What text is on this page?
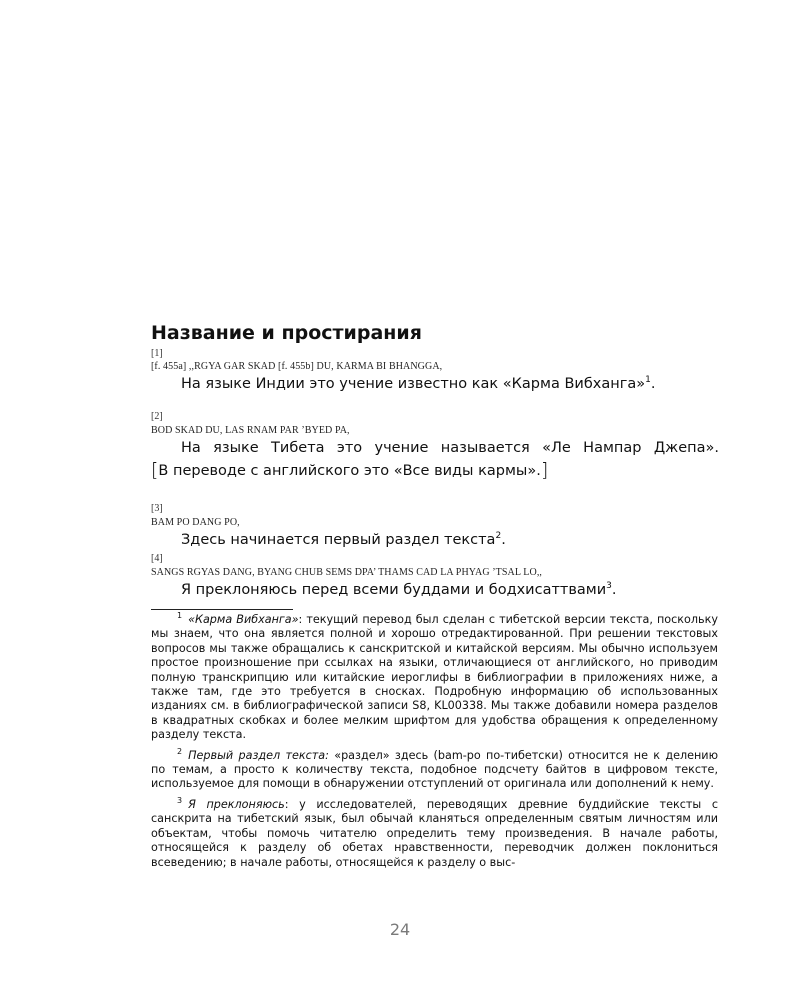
Название и простирания
[1]
[f. 455a] ,,RGYA GAR SKAD [f. 455b] DU, KARMA BI BHANGGA,
На языке Индии это учение известно как «Карма Вибханга»$^1$.
[2]
BOD SKAD DU, LAS RNAM PAR ’BYED PA,
На языке Тибета это учение называется «Ле Нампар Джепа».
[В переводе с английского это «Все виды кармы».]
[3]
BAM PO DANG PO,
Здесь начинается первый раздел текста$^2$.
[4]
SANGS RGYAS DANG, BYANG CHUB SEMS DPA’ THAMS CAD LA PHYAG ’TSAL LO,,
Я преклоняюсь перед всеми буддами и бодхисаттвами$^3$.

$^1$ «Карма Вибханга»: текущий перевод был сделан с тибетской версии текста, поскольку мы знаем, что она является полной и хорошо отредактированной. При решении текстовых вопросов мы также обращались к санскритской и китайской версиям. Мы обычно используем простое произношение при ссылках на языки, отличающиеся от английского, но приводим полную транскрипцию или китайские иероглифы в библиографии в приложениях ниже, а также там, где это требуется в сносках. Подробную информацию об использованных изданиях см. в библиографической записи S8, KL00338. Мы также добавили номера разделов в квадратных скобках и более мелким шрифтом для удобства обращения к определенному разделу текста.

$^2$ Первый раздел текста: «раздел» здесь (bam-po по-тибетски) относится не к делению по темам, а просто к количеству текста, подобное подсчету байтов в цифровом тексте, используемое для помощи в обнаружении отступлений от оригинала или дополнений к нему.

$^3$ Я преклоняюсь: у исследователей, переводящих древние буддийские тексты с санскрита на тибетский язык, был обычай кланяться определенным святым личностям или объектам, чтобы помочь читателю определить тему произведения. В начале работы, относящейся к разделу об обетах нравственности, переводчик должен поклониться всеведению; в начале работы, относящейся к разделу о выс-

24
